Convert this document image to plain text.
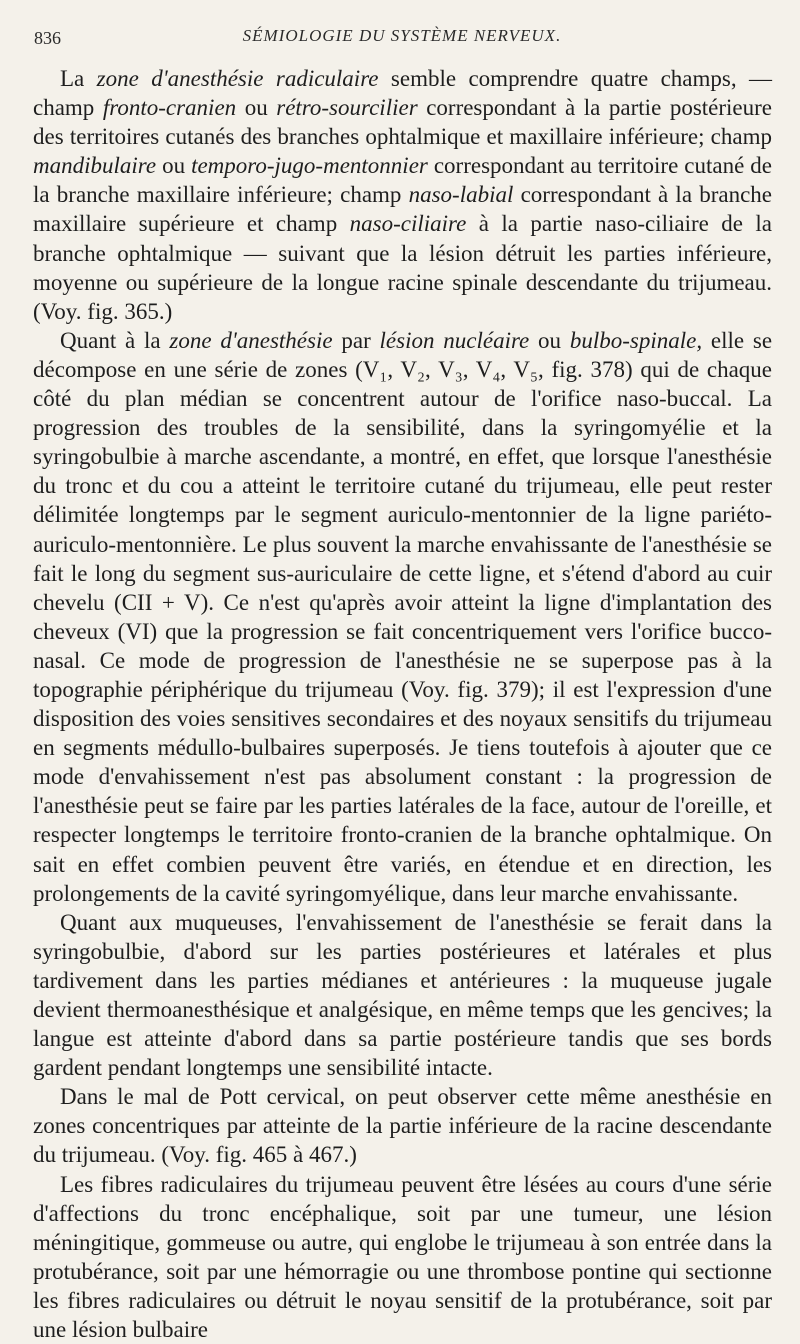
836	SÉMIOLOGIE DU SYSTÈME NERVEUX.

La zone d'anesthésie radiculaire semble comprendre quatre champs, — champ fronto-cranien ou rétro-sourcilier correspondant à la partie postérieure des territoires cutanés des branches ophtalmique et maxillaire inférieure; champ mandibulaire ou temporo-jugo-mentonnier correspondant au territoire cutané de la branche maxillaire inférieure; champ naso-labial correspondant à la branche maxillaire supérieure et champ naso-ciliaire à la partie naso-ciliaire de la branche ophtalmique — suivant que la lésion détruit les parties inférieure, moyenne ou supérieure de la longue racine spinale descendante du trijumeau. (Voy. fig. 365.)

Quant à la zone d'anesthésie par lésion nucléaire ou bulbo-spinale, elle se décompose en une série de zones (V₁, V₂, V₃, V₄, V₅, fig. 378) qui de chaque côté du plan médian se concentrent autour de l'orifice naso-buccal. La progression des troubles de la sensibilité, dans la syringomyélie et la syringobulbie à marche ascendante, a montré, en effet, que lorsque l'anesthésie du tronc et du cou a atteint le territoire cutané du trijumeau, elle peut rester délimitée longtemps par le segment auriculo-mentonnier de la ligne pariéto-auriculo-mentonnière. Le plus souvent la marche envahissante de l'anesthésie se fait le long du segment sus-auriculaire de cette ligne, et s'étend d'abord au cuir chevelu (CII + V). Ce n'est qu'après avoir atteint la ligne d'implantation des cheveux (VI) que la progression se fait concentriquement vers l'orifice bucco-nasal. Ce mode de progression de l'anesthésie ne se superpose pas à la topographie périphérique du trijumeau (Voy. fig. 379); il est l'expression d'une disposition des voies sensitives secondaires et des noyaux sensitifs du trijumeau en segments médullo-bulbaires superposés. Je tiens toutefois à ajouter que ce mode d'envahissement n'est pas absolument constant : la progression de l'anesthésie peut se faire par les parties latérales de la face, autour de l'oreille, et respecter longtemps le territoire fronto-cranien de la branche ophtalmique. On sait en effet combien peuvent être variés, en étendue et en direction, les prolongements de la cavité syringomyélique, dans leur marche envahissante.

Quant aux muqueuses, l'envahissement de l'anesthésie se ferait dans la syringobulbie, d'abord sur les parties postérieures et latérales et plus tardivement dans les parties médianes et antérieures : la muqueuse jugale devient thermoanesthésique et analgésique, en même temps que les gencives; la langue est atteinte d'abord dans sa partie postérieure tandis que ses bords gardent pendant longtemps une sensibilité intacte.

Dans le mal de Pott cervical, on peut observer cette même anesthésie en zones concentriques par atteinte de la partie inférieure de la racine descendante du trijumeau. (Voy. fig. 465 à 467.)

Les fibres radiculaires du trijumeau peuvent être lésées au cours d'une série d'affections du tronc encéphalique, soit par une tumeur, une lésion méningitique, gommeuse ou autre, qui englobe le trijumeau à son entrée dans la protubérance, soit par une hémorragie ou une thrombose pontine qui sectionne les fibres radiculaires ou détruit le noyau sensitif de la protubérance, soit par une lésion bulbaire
